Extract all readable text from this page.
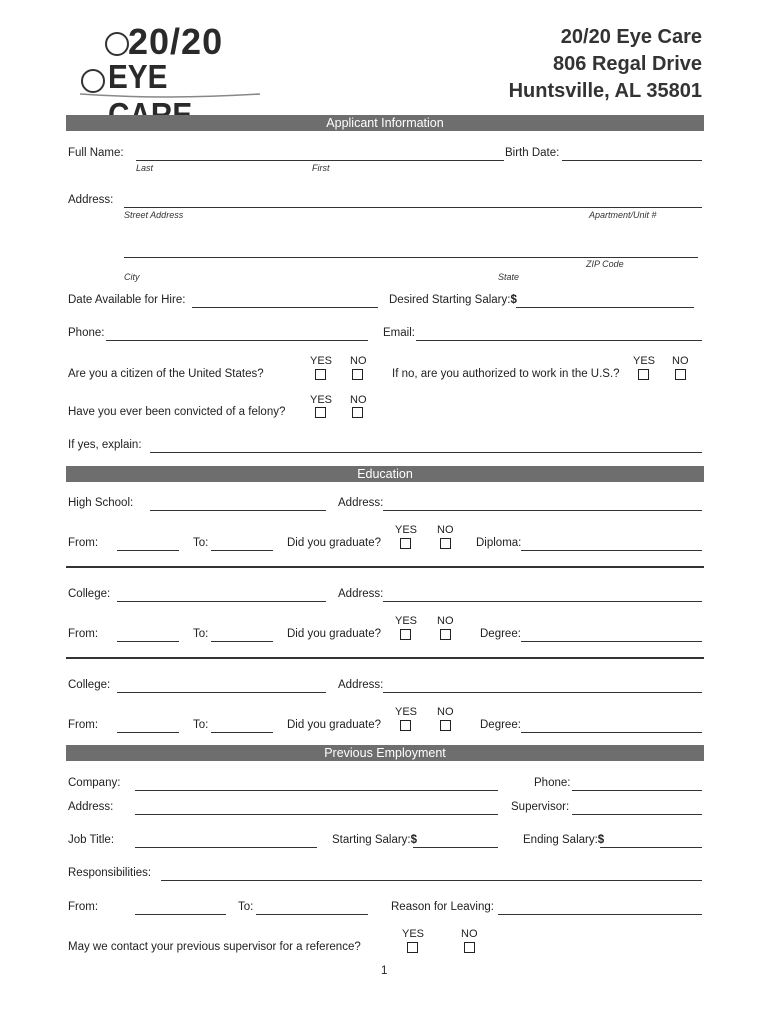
20/20
EYE
20/20 Eye Care
806 Regal Drive
Huntsville, AL 35801
Applicant Information
Full Name:	Birth Date:
Last	First
Address:
Street Address	Apartment/Unit #
ZIP Code
City	State
Date Available for Hire:	Desired Starting Salary:$
Phone:	Email:
YES NO
Are you a citizen of the United States?
YES NO
If no, are you authorized to work in the U.S.?
YES NO
Have you ever been convicted of a felony?
If yes, explain:
Education
High School:	Address:
YES NO
From:	To:	Did you graduate?	Diploma:
College:	Address:
YES NO
From:	To:	Did you graduate?	Degree:
College:	Address:
YES NO
From:	To:	Did you graduate?	Degree:
Previous Employment
Company:	Phone:
Address:	Supervisor:
Job Title:	Starting Salary:$	Ending Salary:$
Responsibilities:
From:	To:	Reason for Leaving:
YES	NO
May we contact your previous supervisor for a reference?
1
